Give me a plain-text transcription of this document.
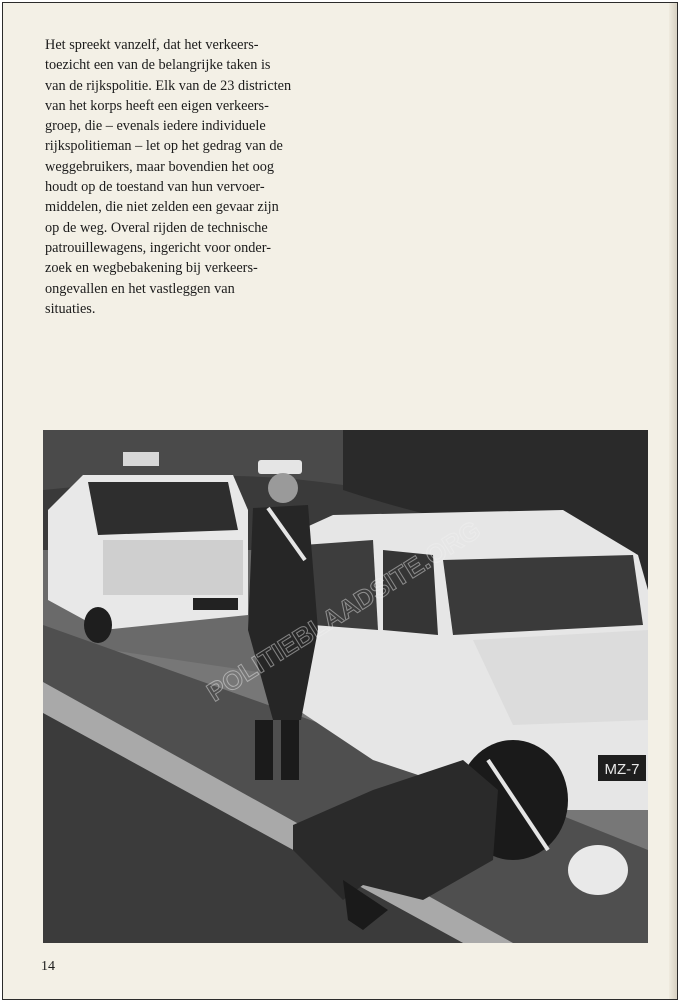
Het spreekt vanzelf, dat het verkeers-
toezicht een van de belangrijke taken is
van de rijkspolitie. Elk van de 23 districten
van het korps heeft een eigen verkeers-
groep, die – evenals iedere individuele
rijkspolitieman – let op het gedrag van de
weggebruikers, maar bovendien het oog
houdt op de toestand van hun vervoer-
middelen, die niet zelden een gevaar zijn
op de weg. Overal rijden de technische
patrouillewagens, ingericht voor onder-
zoek en wegbebakening bij verkeers-
ongevallen en het vastleggen van
situaties.

MZ-7
POLITIEBLAADSITE.ORG
14
